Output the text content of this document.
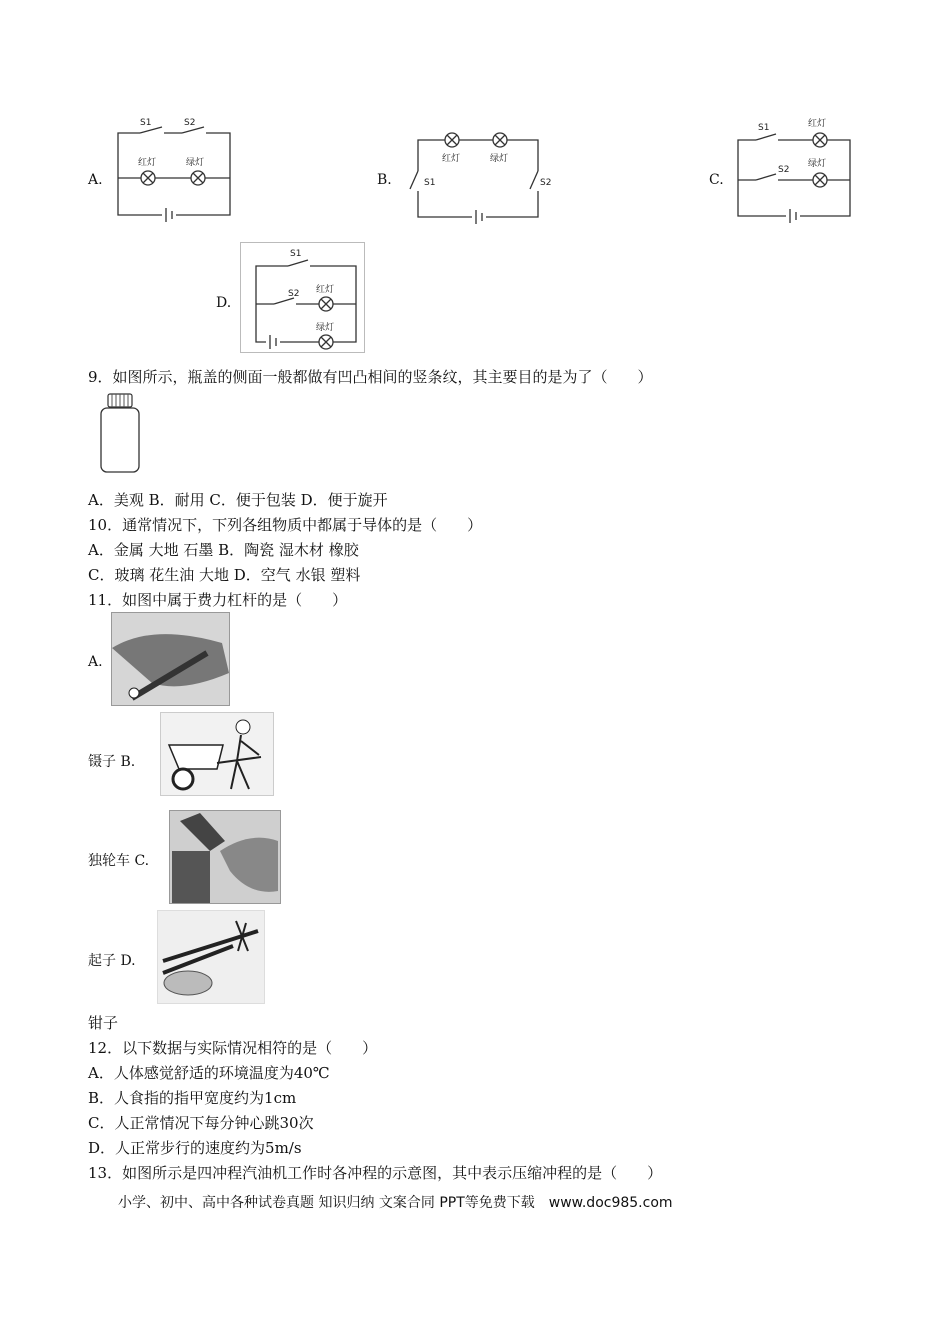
A.
S1	S2
红灯	绿灯
B.
红灯	绿灯
S1	S2	C.
S1
S2
红灯
绿灯
D.
S1
S2 红灯
绿灯
9．如图所示，瓶盖的侧面一般都做有凹凸相间的竖条纹，其主要目的是为了（　　）
A．美观 B．耐用 C．便于包装 D．便于旋开
10．通常情况下，下列各组物质中都属于导体的是（　　）
A．金属 大地 石墨 B．陶瓷 湿木材 橡胶
C．玻璃 花生油 大地 D．空气 水银 塑料
11．如图中属于费力杠杆的是（　　）
A.
镊子 B.
独轮车 C.
起子 D.
钳子
12．以下数据与实际情况相符的是（　　）
A．人体感觉舒适的环境温度为40℃
B．人食指的指甲宽度约为1cm
C．人正常情况下每分钟心跳30次
D．人正常步行的速度约为5m/s
13．如图所示是四冲程汽油机工作时各冲程的示意图，其中表示压缩冲程的是（　　）
小学、初中、高中各种试卷真题 知识归纳 文案合同 PPT等免费下载　www.doc985.com
